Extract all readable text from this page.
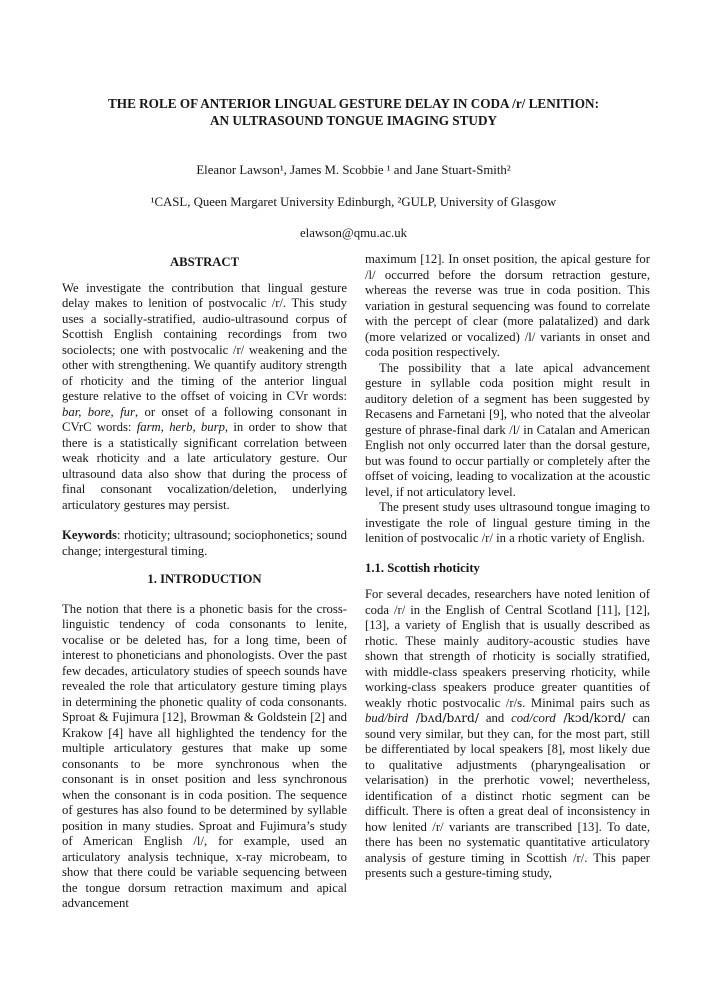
THE ROLE OF ANTERIOR LINGUAL GESTURE DELAY IN CODA /r/ LENITION:
AN ULTRASOUND TONGUE IMAGING STUDY
Eleanor Lawson¹, James M. Scobbie ¹ and Jane Stuart-Smith²
¹CASL, Queen Margaret University Edinburgh, ²GULP, University of Glasgow
elawson@qmu.ac.uk
ABSTRACT

We investigate the contribution that lingual gesture delay makes to lenition of postvocalic /r/. This study uses a socially-stratified, audio-ultrasound corpus of Scottish English containing recordings from two sociolects; one with postvocalic /r/ weakening and the other with strengthening. We quantify auditory strength of rhoticity and the timing of the anterior lingual gesture relative to the offset of voicing in CVr words: bar, bore, fur, or onset of a following consonant in CVrC words: farm, herb, burp, in order to show that there is a statistically significant correlation between weak rhoticity and a late articulatory gesture. Our ultrasound data also show that during the process of final consonant vocalization/deletion, underlying articulatory gestures may persist.

Keywords: rhoticity; ultrasound; sociophonetics; sound change; intergestural timing.

1. INTRODUCTION

The notion that there is a phonetic basis for the cross-linguistic tendency of coda consonants to lenite, vocalise or be deleted has, for a long time, been of interest to phoneticians and phonologists. Over the past few decades, articulatory studies of speech sounds have revealed the role that articulatory gesture timing plays in determining the phonetic quality of coda consonants. Sproat & Fujimura [12], Browman & Goldstein [2] and Krakow [4] have all highlighted the tendency for the multiple articulatory gestures that make up some consonants to be more synchronous when the consonant is in onset position and less synchronous when the consonant is in coda position. The sequence of gestures has also found to be determined by syllable position in many studies. Sproat and Fujimura’s study of American English /l/, for example, used an articulatory analysis technique, x-ray microbeam, to show that there could be variable sequencing between the tongue dorsum retraction maximum and apical advancement

maximum [12]. In onset position, the apical gesture for /l/ occurred before the dorsum retraction gesture, whereas the reverse was true in coda position. This variation in gestural sequencing was found to correlate with the percept of clear (more palatalized) and dark (more velarized or vocalized) /l/ variants in onset and coda position respectively.

The possibility that a late apical advancement gesture in syllable coda position might result in auditory deletion of a segment has been suggested by Recasens and Farnetani [9], who noted that the alveolar gesture of phrase-final dark /l/ in Catalan and American English not only occurred later than the dorsal gesture, but was found to occur partially or completely after the offset of voicing, leading to vocalization at the acoustic level, if not articulatory level.

The present study uses ultrasound tongue imaging to investigate the role of lingual gesture timing in the lenition of postvocalic /r/ in a rhotic variety of English.

1.1. Scottish rhoticity

For several decades, researchers have noted lenition of coda /r/ in the English of Central Scotland [11], [12], [13], a variety of English that is usually described as rhotic. These mainly auditory-acoustic studies have shown that strength of rhoticity is socially stratified, with middle-class speakers preserving rhoticity, while working-class speakers produce greater quantities of weakly rhotic postvocalic /r/s. Minimal pairs such as bud/bird /bʌd/bʌrd/ and cod/cord /kɔd/kɔrd/ can sound very similar, but they can, for the most part, still be differentiated by local speakers [8], most likely due to qualitative adjustments (pharyngealisation or velarisation) in the prerhotic vowel; nevertheless, identification of a distinct rhotic segment can be difficult. There is often a great deal of inconsistency in how lenited /r/ variants are transcribed [13]. To date, there has been no systematic quantitative articulatory analysis of gesture timing in Scottish /r/. This paper presents such a gesture-timing study,
